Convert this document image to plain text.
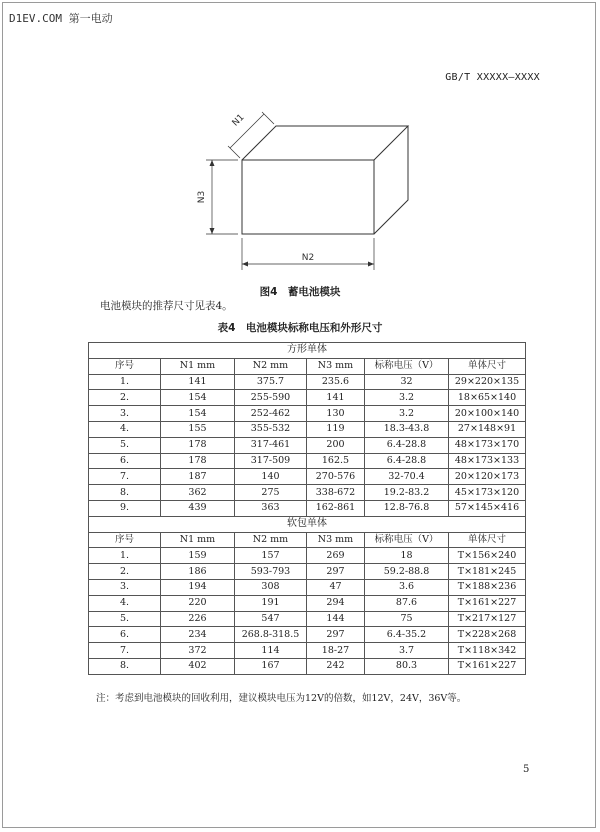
D1EV.COM 第一电动
GB/T XXXXX—XXXX
N2
N3
N1
图4　蓄电池模块
电池模块的推荐尺寸见表4。
表4　电池模块标称电压和外形尺寸
方形单体					
序号	N1 mm	N2 mm	N3 mm	标称电压（V）	单体尺寸
1.	141	375.7	235.6	32	29×220×135
2.	154	255-590	141	3.2	18×65×140
3.	154	252-462	130	3.2	20×100×140
4.	155	355-532	119	18.3-43.8	27×148×91
5.	178	317-461	200	6.4-28.8	48×173×170
6.	178	317-509	162.5	6.4-28.8	48×173×133
7.	187	140	270-576	32-70.4	20×120×173
8.	362	275	338-672	19.2-83.2	45×173×120
9.	439	363	162-861	12.8-76.8	57×145×416
软包单体					
序号	N1 mm	N2 mm	N3 mm	标称电压（V）	单体尺寸
1.	159	157	269	18	T×156×240
2.	186	593-793	297	59.2-88.8	T×181×245
3.	194	308	47	3.6	T×188×236
4.	220	191	294	87.6	T×161×227
5.	226	547	144	75	T×217×127
6.	234	268.8-318.5	297	6.4-35.2	T×228×268
7.	372	114	18-27	3.7	T×118×342
8.	402	167	242	80.3	T×161×227
注：考虑到电池模块的回收利用，建议模块电压为12V的倍数，如12V，24V，36V等。
5
